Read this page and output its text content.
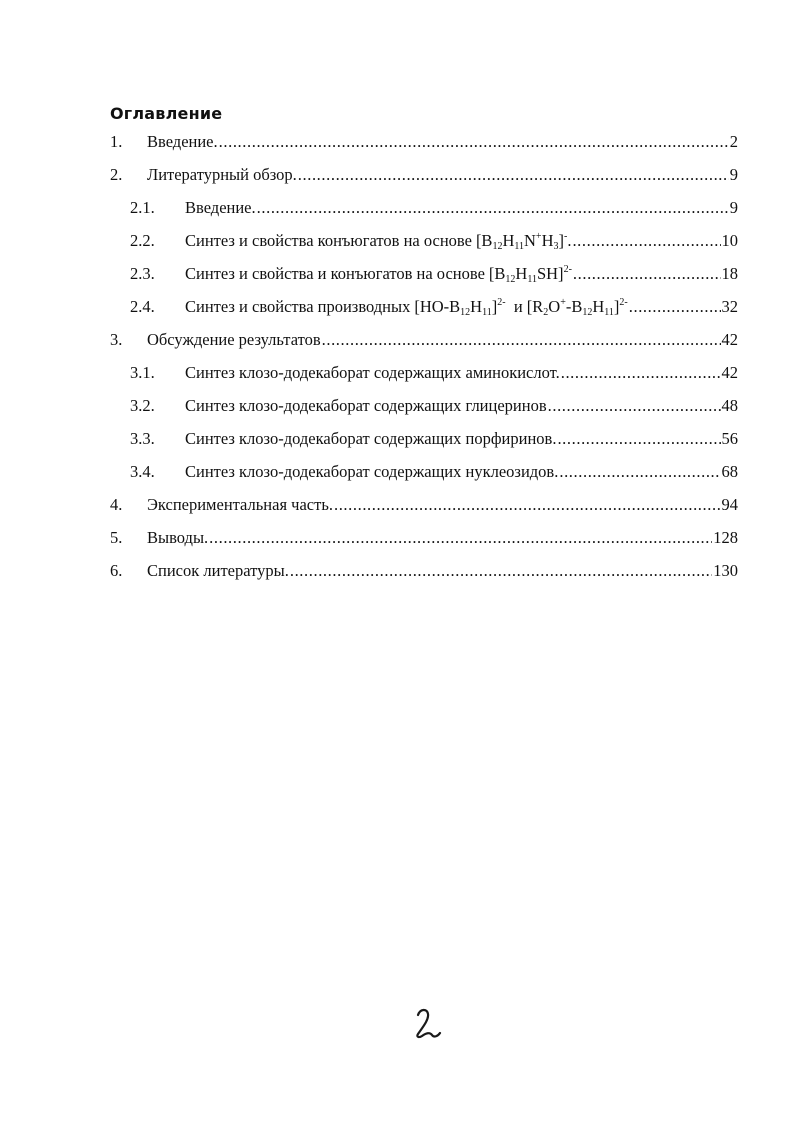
Оглавление
1.	Введение. .....	2
2.	Литературный обзор. .....	9
2.1.	Введение. .....	9
2.2.	Синтез и свойства конъюгатов на основе $[B_{12}H_{11}N^+H_3]^-$. .....	10
2.3.	Синтез и свойства и конъюгатов на основе $[B_{12}H_{11}SH]^{2-}$ .....	18
2.4.	Синтез и свойства производных $[HO-B_{12}H_{11}]^{2-}$ и $[R_2O^+-B_{12}H_{11}]^{2-}$ .....	32
3.	Обсуждение результатов .....	42
3.1.	Синтез клозо-додекаборат содержащих аминокислот. .....	42
3.2.	Синтез клозо-додекаборат содержащих глицеринов .....	48
3.3.	Синтез клозо-додекаборат содержащих порфиринов. .....	56
3.4.	Синтез клозо-додекаборат содержащих нуклеозидов. .....	68
4.	Экспериментальная часть. .....	94
5.	Выводы. .....	128
6.	Список литературы. .....	130
